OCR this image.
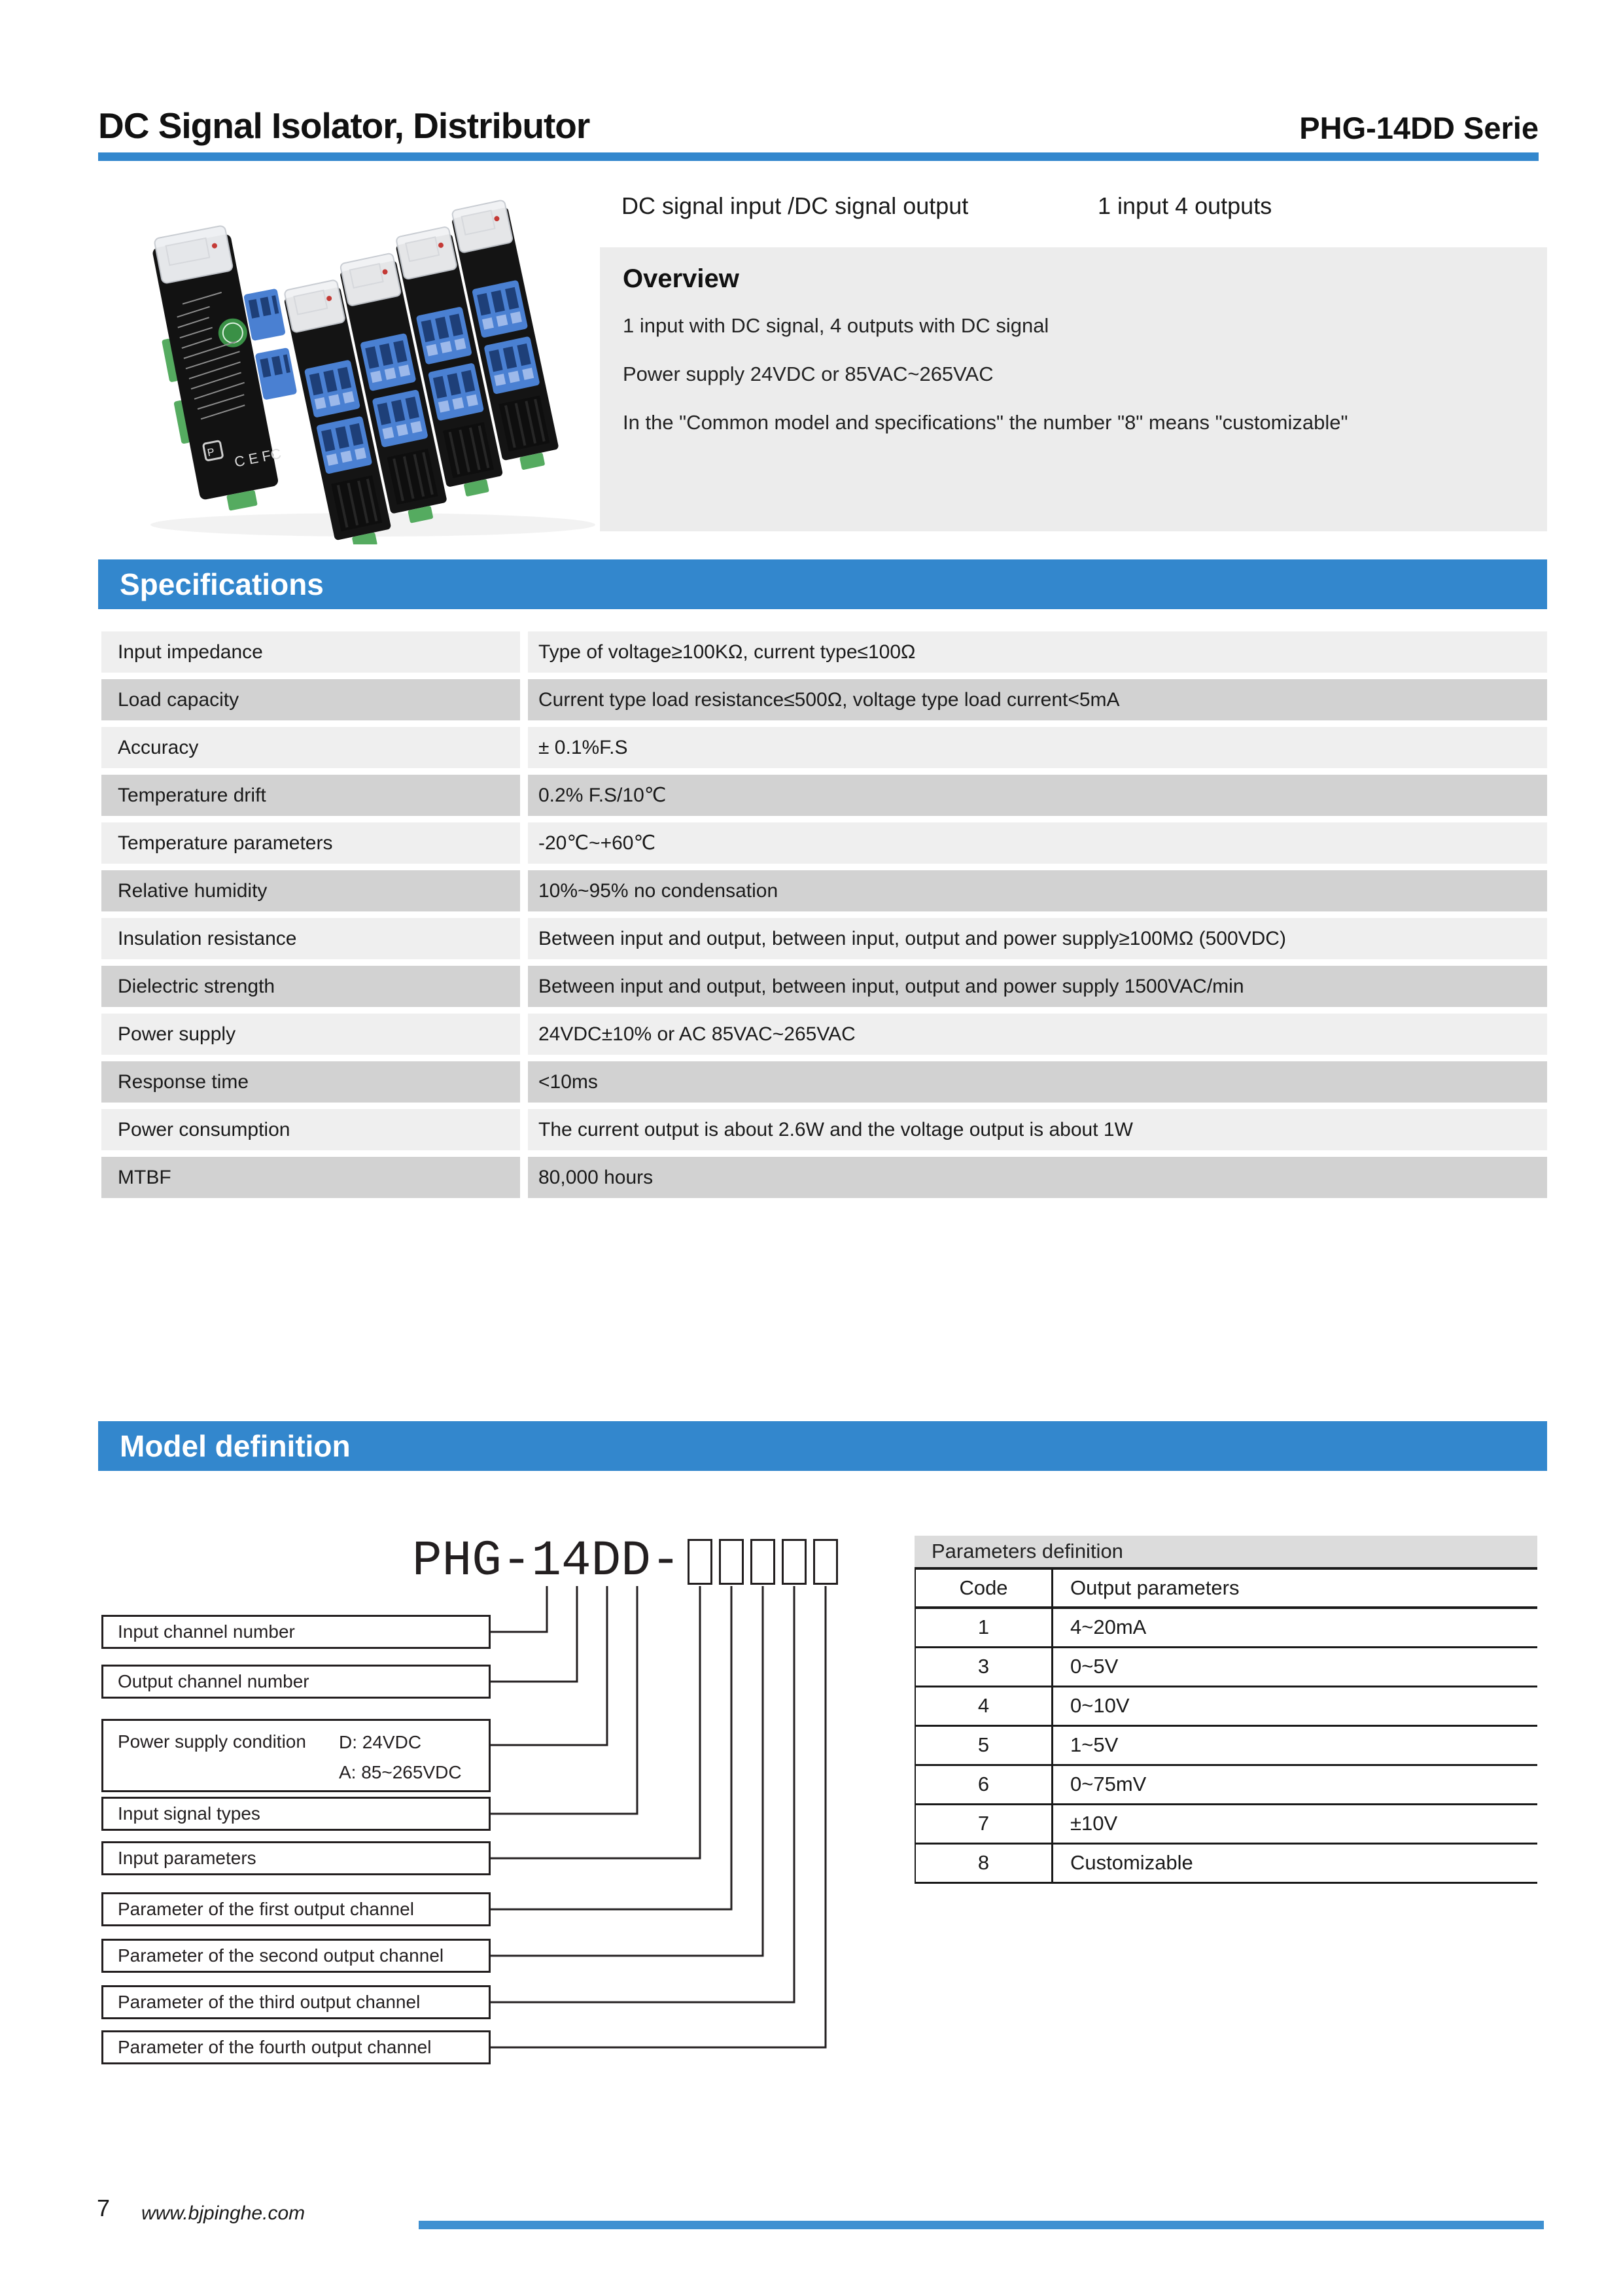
DC Signal Isolator, Distributor	PHG-14DD Serie
P C E FC
DC signal input /DC signal output	1 input 4 outputs
Overview
1 input with DC signal, 4 outputs with DC signal
Power supply 24VDC or 85VAC~265VAC
In the "Common model and specifications" the number "8" means "customizable"
Specifications
Input impedance	Type of voltage≥100KΩ, current type≤100Ω
Load capacity	Current type load resistance≤500Ω, voltage type load current<5mA
Accuracy	± 0.1%F.S
Temperature drift	0.2% F.S/10℃
Temperature parameters	-20℃~+60℃
Relative humidity	10%~95% no condensation
Insulation resistance	Between input and output, between input, output and power supply≥100MΩ (500VDC)
Dielectric strength	Between input and output, between input, output and power supply 1500VAC/min
Power supply	24VDC±10% or AC 85VAC~265VAC
Response time	<10ms
Power consumption	The current output is about 2.6W and the voltage output is about 1W
MTBF	80,000 hours
Model definition
PHG-14DD-
Input channel number
Output channel number
Power supply condition D: 24VDC
A: 85~265VDC
Input signal types
Input parameters
Parameter of the first output channel
Parameter of the second output channel
Parameter of the third output channel
Parameter of the fourth output channel
Parameters definition
Code	Output parameters
1	4~20mA
3	0~5V
4	0~10V
5	1~5V
6	0~75mV
7	±10V
8	Customizable
7 www.bjpinghe.com
